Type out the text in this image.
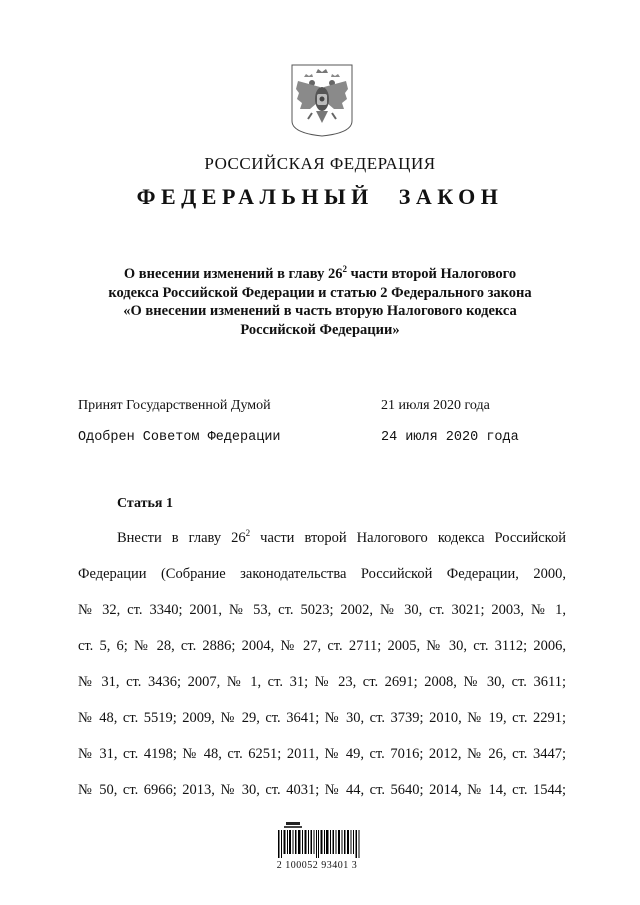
РОССИЙСКАЯ ФЕДЕРАЦИЯ
ФЕДЕРАЛЬНЫЙ ЗАКОН
О внесении изменений в главу $26^2$ части второй Налогового
кодекса Российской Федерации и статью 2 Федерального закона
«О внесении изменений в часть вторую Налогового кодекса
Российской Федерации»
Принят Государственной Думой	21 июля 2020 года
Одобрен Советом Федерации	24 июля 2020 года
Статья 1
Внести в главу $26^2$ части второй Налогового кодекса Российской
Федерации (Собрание законодательства Российской Федерации, 2000,
№ 32, ст. 3340; 2001, № 53, ст. 5023; 2002, № 30, ст. 3021; 2003, № 1,
ст. 5, 6; № 28, ст. 2886; 2004, № 27, ст. 2711; 2005, № 30, ст. 3112; 2006,
№ 31, ст. 3436; 2007, № 1, ст. 31; № 23, ст. 2691; 2008, № 30, ст. 3611;
№ 48, ст. 5519; 2009, № 29, ст. 3641; № 30, ст. 3739; 2010, № 19, ст. 2291;
№ 31, ст. 4198; № 48, ст. 6251; 2011, № 49, ст. 7016; 2012, № 26, ст. 3447;
№ 50, ст. 6966; 2013, № 30, ст. 4031; № 44, ст. 5640; 2014, № 14, ст. 1544;
2 100052 93401 3
